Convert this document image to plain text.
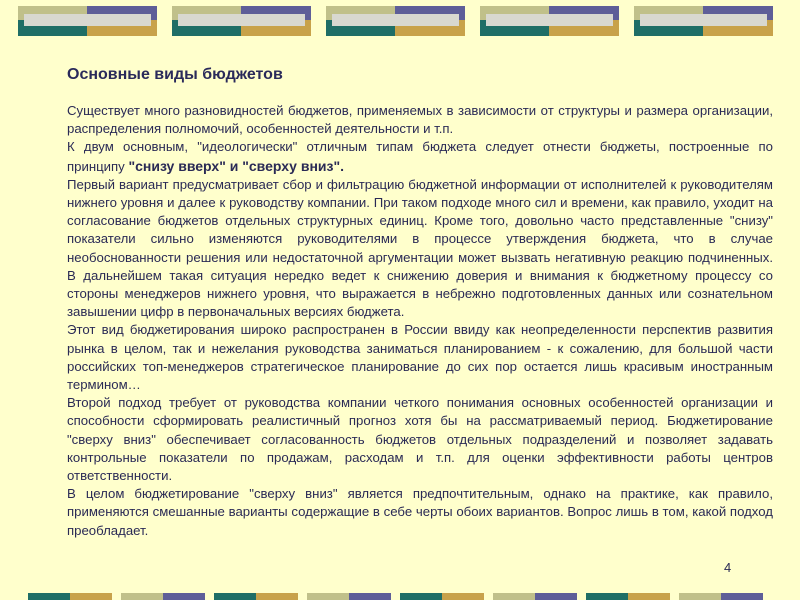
Основные виды бюджетов

Существует много разновидностей бюджетов, применяемых в зависимости от структуры и размера организации, распределения полномочий, особенностей деятельности и т.п.

К двум основным, "идеологически" отличным типам бюджета следует отнести бюджеты, построенные по принципу "снизу вверх" и "сверху вниз".

Первый вариант предусматривает сбор и фильтрацию бюджетной информации от исполнителей к руководителям нижнего уровня и далее к руководству компании. При таком подходе много сил и времени, как правило, уходит на согласование бюджетов отдельных структурных единиц. Кроме того, довольно часто представленные "снизу" показатели сильно изменяются руководителями в процессе утверждения бюджета, что в случае необоснованности решения или недостаточной аргументации может вызвать негативную реакцию подчиненных. В дальнейшем такая ситуация нередко ведет к снижению доверия и внимания к бюджетному процессу со стороны менеджеров нижнего уровня, что выражается в небрежно подготовленных данных или сознательном завышении цифр в первоначальных версиях бюджета.

Этот вид бюджетирования широко распространен в России ввиду как неопределенности перспектив развития рынка в целом, так и нежелания руководства заниматься планированием - к сожалению, для большой части российских топ-менеджеров стратегическое планирование до сих пор остается лишь красивым иностранным термином…

Второй подход требует от руководства компании четкого понимания основных особенностей организации и способности сформировать реалистичный прогноз хотя бы на рассматриваемый период. Бюджетирование "сверху вниз" обеспечивает согласованность бюджетов отдельных подразделений и позволяет задавать контрольные показатели по продажам, расходам и т.п. для оценки эффективности работы центров ответственности.

В целом бюджетирование "сверху вниз" является предпочтительным, однако на практике, как правило, применяются смешанные варианты содержащие в себе черты обоих вариантов. Вопрос лишь в том, какой подход преобладает.

4
